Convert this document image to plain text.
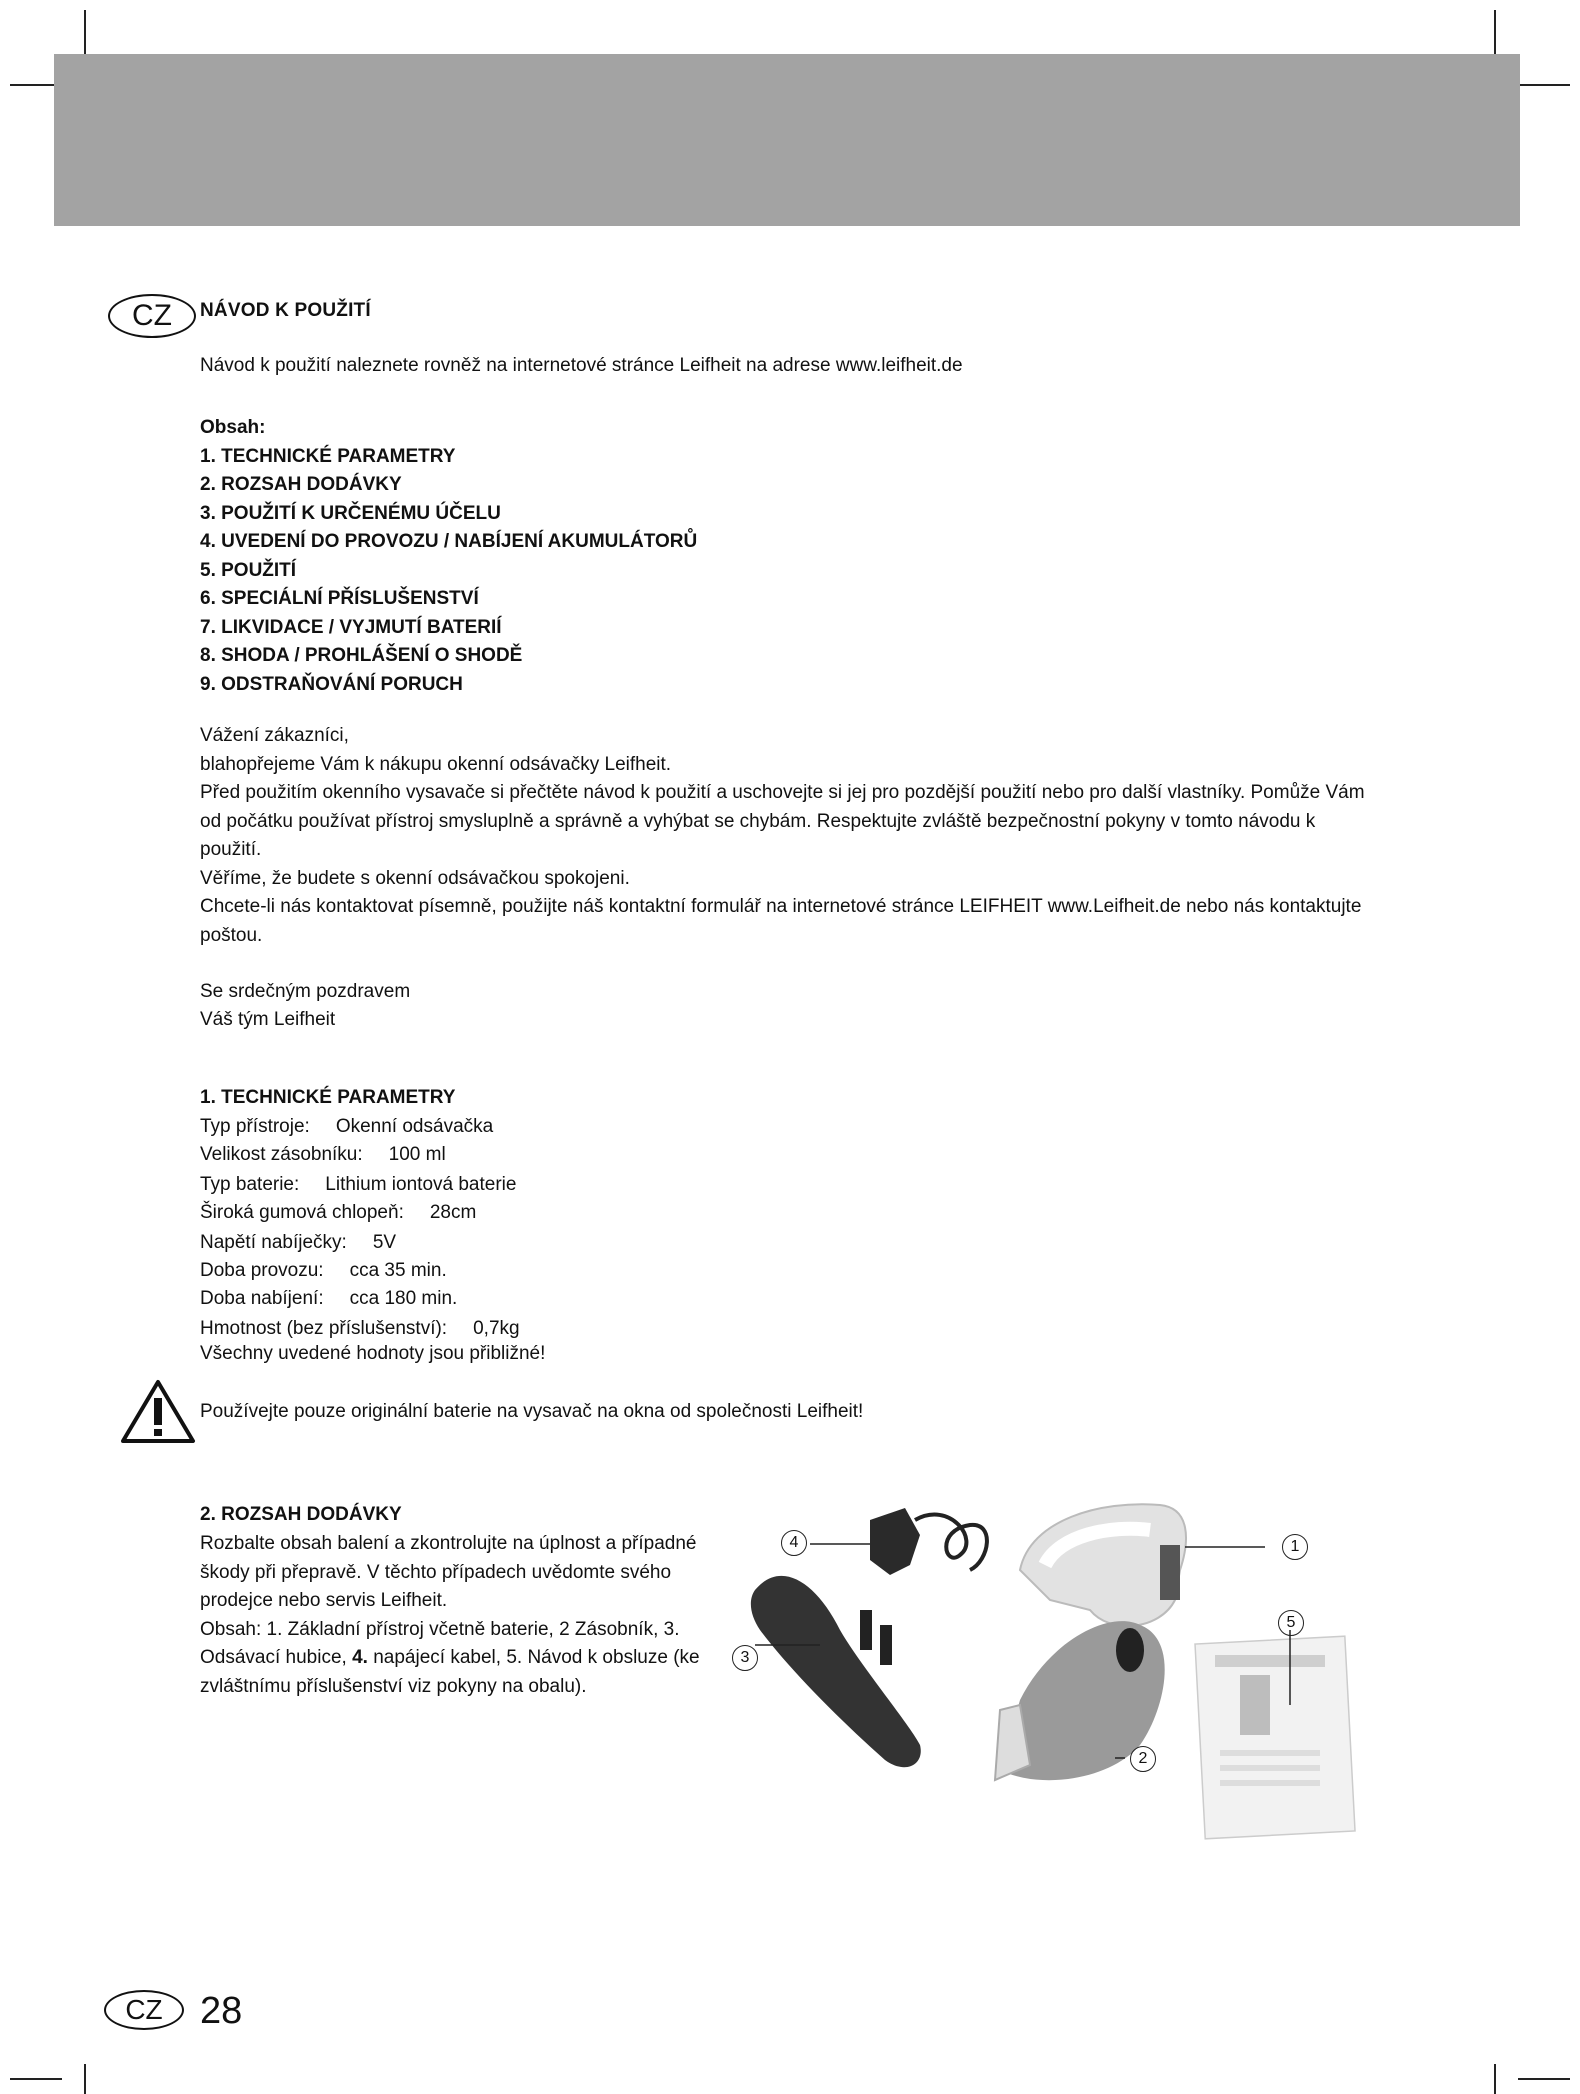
CZ NÁVOD K POUŽITÍ
Návod k použití naleznete rovněž na internetové stránce Leifheit na adrese www.leifheit.de
Obsah:
1. TECHNICKÉ PARAMETRY
2. ROZSAH DODÁVKY
3. POUŽITÍ K URČENÉMU ÚČELU
4. UVEDENÍ DO PROVOZU / NABÍJENÍ AKUMULÁTORŮ
5. POUŽITÍ
6. SPECIÁLNÍ PŘÍSLUŠENSTVÍ
7. LIKVIDACE / VYJMUTÍ BATERIÍ
8. SHODA / PROHLÁŠENÍ O SHODĚ
9. ODSTRAŇOVÁNÍ PORUCH

Vážení zákazníci,

blahopřejeme Vám k nákupu okenní odsávačky Leifheit.

Před použitím okenního vysavače si přečtěte návod k použití a uschovejte si jej pro pozdější použití nebo pro další vlastníky. Pomůže Vám od počátku používat přístroj smysluplně a správně a vyhýbat se chybám. Respektujte zvláště bezpečnostní pokyny v tomto návodu k použití.

Věříme, že budete s okenní odsávačkou spokojeni.

Chcete-li nás kontaktovat písemně, použijte náš kontaktní formulář na internetové stránce LEIFHEIT www.Leifheit.de nebo nás kontaktujte poštou.

Se srdečným pozdravem
Váš tým Leifheit
1. TECHNICKÉ PARAMETRY
Typ přístroje: Okenní odsávačka
Velikost zásobníku: 100 ml
Typ baterie: Lithium iontová baterie
Široká gumová chlopeň: 28cm
Napětí nabíječky: 5V
Doba provozu: cca 35 min.
Doba nabíjení: cca 180 min.
Hmotnost (bez příslušenství): 0,7kg
Všechny uvedené hodnoty jsou přibližné!
Používejte pouze originální baterie na vysavač na okna od společnosti Leifheit!
2. ROZSAH DODÁVKY

Rozbalte obsah balení a zkontrolujte na úplnost a případné škody při přepravě. V těchto případech uvědomte svého prodejce nebo servis Leifheit.

Obsah: 1. Základní přístroj včetně baterie, 2 Zásobník, 3. Odsávací hubice, 4. napájecí kabel, 5. Návod k obsluze (ke zvláštnímu příslušenství viz pokyny na obalu).

4	1
5
3
2
CZ 28
